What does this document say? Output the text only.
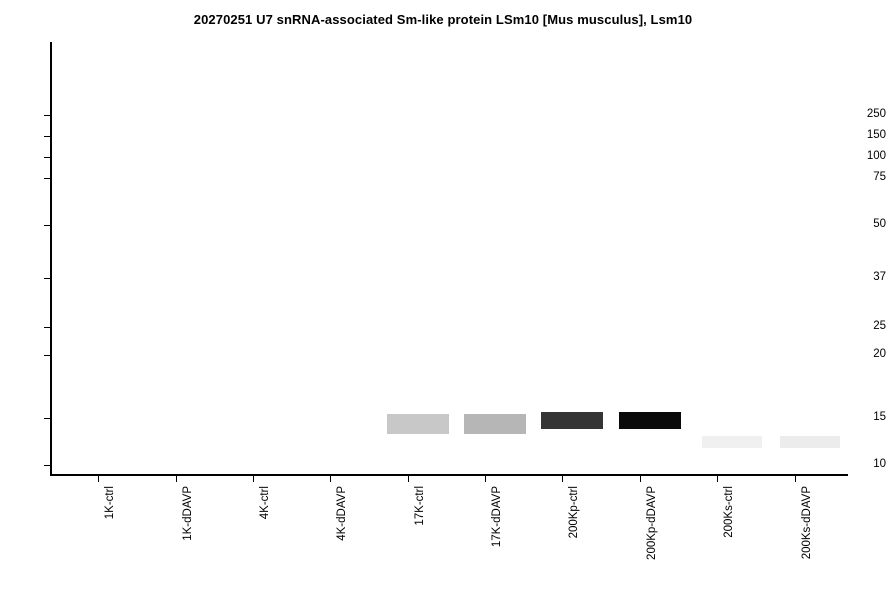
20270251 U7 snRNA-associated Sm-like protein LSm10 [Mus musculus], Lsm10
250
150
100
75
50
37
25
20
15
10
1K-ctrl	1K-dDAVP	4K-ctrl	4K-dDAVP	17K-ctrl	17K-dDAVP	200Kp-ctrl	200Kp-dDAVP	200Ks-ctrl	200Ks-dDAVP
